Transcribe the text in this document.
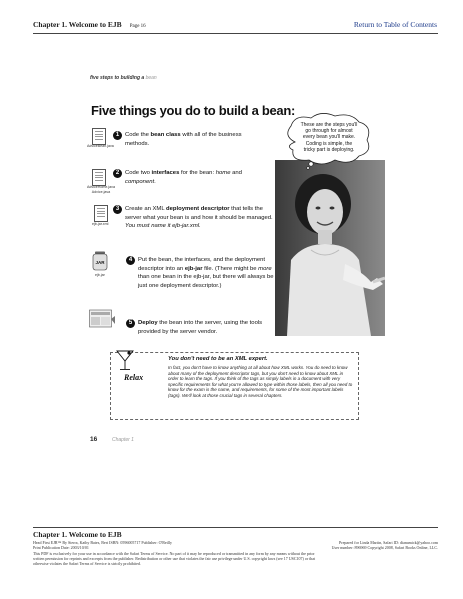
Chapter 1. Welcome to EJB Page 16	Return to Table of Contents
five steps to building a bean
Five things you do to build a bean:
AdviceBean.java
AdviceHome.java
Advice.java
ejb-jar.xml
JAR
ejb.jar
1 Code the bean class with all of the business methods.
2 Code two interfaces for the bean: home and component.
3 Create an XML deployment descriptor that tells the server what your bean is and how it should be managed. You must name it ejb-jar.xml.
4 Put the bean, the interfaces, and the deployment descriptor into an ejb-jar file. (There might be more than one bean in the ejb-jar, but there will always be just one deployment descriptor.)
5 Deploy the bean into the server, using the tools provided by the server vendor.
These are the steps you'll go through for almost every bean you'll make. Coding is simple, the tricky part is deploying.
Relax
You don't need to be an XML expert.
In fact, you don't have to know anything at all about how XML works. You do need to know about many of the deployment descriptor tags, but you don't need to know about XML in order to learn the tags. If you think of the tags as simply labels in a document with very specific requirements for what you're allowed to type within those labels, then all you need to know for the exam is the name, and requirements, for some of the most important labels (tags). We'll look at those crucial tags in several chapters.
16	Chapter 1
Chapter 1. Welcome to EJB
Head First EJB™ By Sierra, Kathy Bates, Bert ISBN: 0596005717 Publisher: O'Reilly
Print Publication Date: 2003/10/01
Prepared for Linda Martin, Safari ID: dianamick@yahoo.com
User number: 896969 Copyright 2008, Safari Books Online, LLC.
This PDF is exclusively for your use in accordance with the Safari Terms of Service. No part of it may be reproduced or transmitted in any form by any means without the prior
written permission for reprints and excerpts from the publisher. Redistribution or other use that violates the fair use privilege under U.S. copyright laws (see 17 USC107) or that
otherwise violates the Safari Terms of Service is strictly prohibited.
